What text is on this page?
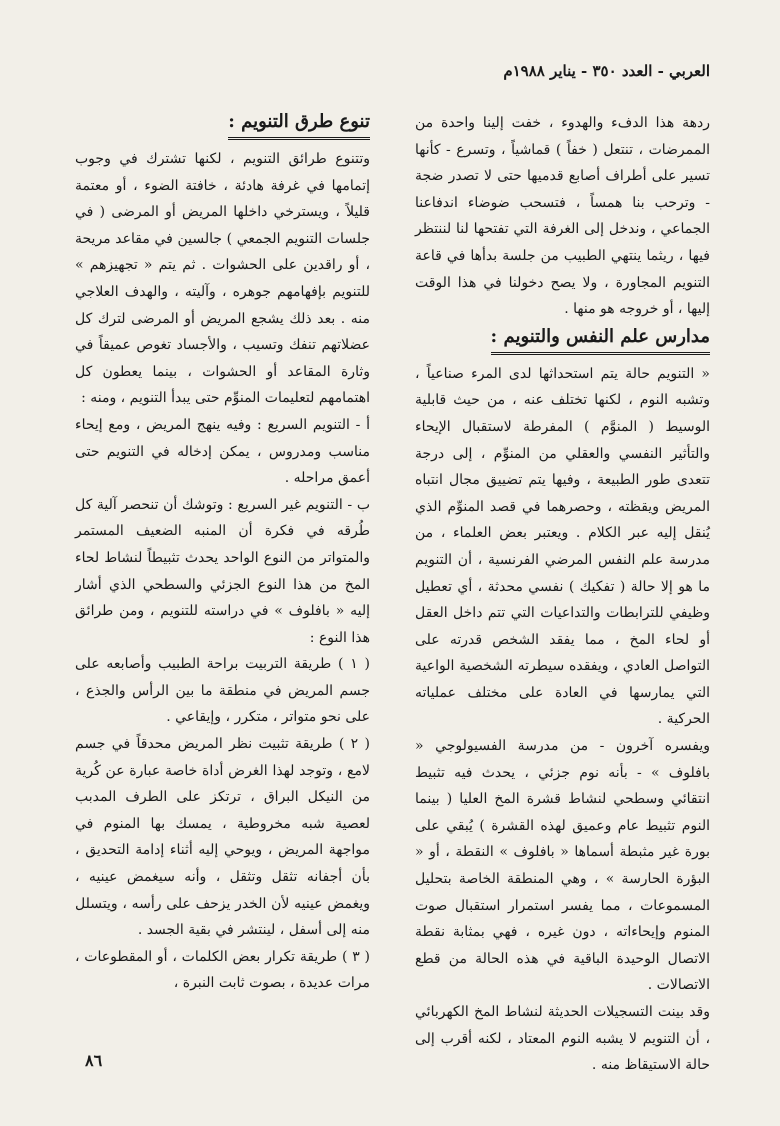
العربي - العدد ٣٥٠ - يناير ١٩٨٨م

ردهة هذا الدفء والهدوء ، خفت إلينا واحدة من الممرضات ، تنتعل ( خفاً ) قماشياً ، وتسرع - كأنها تسير على أطراف أصابع قدميها حتى لا تصدر ضجة - وترحب بنا همساً ، فتسحب ضوضاء اندفاعنا الجماعي ، وندخل إلى الغرفة التي تفتحها لنا لننتظر فيها ، ريثما ينتهي الطبيب من جلسة بدأها في قاعة التنويم المجاورة ، ولا يصح دخولنا في هذا الوقت إليها ، أو خروجه هو منها .

مدارس علم النفس والتنويم :

« التنويم حالة يتم استحداثها لدى المرء صناعياً ، وتشبه النوم ، لكنها تختلف عنه ، من حيث قابلية الوسيط ( المنوَّم ) المفرطة لاستقبال الإيحاء والتأثير النفسي والعقلي من المنوِّم ، إلى درجة تتعدى طور الطبيعة ، وفيها يتم تضييق مجال انتباه المريض ويقظته ، وحصرهما في قصد المنوِّم الذي يُنقل إليه عبر الكلام . ويعتبر بعض العلماء ، من مدرسة علم النفس المرضي الفرنسية ، أن التنويم ما هو إلا حالة ( تفكيك ) نفسي محدثة ، أي تعطيل وظيفي للترابطات والتداعيات التي تتم داخل العقل أو لحاء المخ ، مما يفقد الشخص قدرته على التواصل العادي ، ويفقده سيطرته الشخصية الواعية التي يمارسها في العادة على مختلف عملياته الحركية .

ويفسره آخرون - من مدرسة الفسيولوجي « بافلوف » - بأنه نوم جزئي ، يحدث فيه تثبيط انتقائي وسطحي لنشاط قشرة المخ العليا ( بينما النوم تثبيط عام وعميق لهذه القشرة ) يُبقي على بورة غير مثبطة أسماها « بافلوف » النقطة ، أو « البؤرة الحارسة » ، وهي المنطقة الخاصة بتحليل المسموعات ، مما يفسر استمرار استقبال صوت المنوم وإيحاءاته ، دون غيره ، فهي بمثابة نقطة الاتصال الوحيدة الباقية في هذه الحالة من قطع الاتصالات .

وقد بينت التسجيلات الحديثة لنشاط المخ الكهربائي ، أن التنويم لا يشبه النوم المعتاد ، لكنه أقرب إلى حالة الاستيقاظ منه .

تنوع طرق التنويم :

وتتنوع طرائق التنويم ، لكنها تشترك في وجوب إتمامها في غرفة هادئة ، خافتة الضوء ، أو معتمة قليلاً ، ويسترخي داخلها المريض أو المرضى ( في جلسات التنويم الجمعي ) جالسين في مقاعد مريحة ، أو راقدين على الحشوات . ثم يتم « تجهيزهم » للتنويم بإفهامهم جوهره ، وآليته ، والهدف العلاجي منه . بعد ذلك يشجع المريض أو المرضى لترك كل عضلاتهم تنفك وتسيب ، والأجساد تغوص عميقاً في وثارة المقاعد أو الحشوات ، بينما يعطون كل اهتمامهم لتعليمات المنوِّم حتى يبدأ التنويم ، ومنه :

أ - التنويم السريع : وفيه ينهج المريض ، ومع إيحاء مناسب ومدروس ، يمكن إدخاله في التنويم حتى أعمق مراحله .

ب - التنويم غير السريع : وتوشك أن تنحصر آلية كل طُرقه في فكرة أن المنبه الضعيف المستمر والمتواتر من النوع الواحد يحدث تثبيطاً لنشاط لحاء المخ من هذا النوع الجزئي والسطحي الذي أشار إليه « بافلوف » في دراسته للتنويم ، ومن طرائق هذا النوع :

( ١ ) طريقة التربيت براحة الطبيب وأصابعه على جسم المريض في منطقة ما بين الرأس والجذع ، على نحو متواتر ، متكرر ، وإيقاعي .

( ٢ ) طريقة تثبيت نظر المريض محدقاً في جسم لامع ، وتوجد لهذا الغرض أداة خاصة عبارة عن كُرية من النيكل البراق ، ترتكز على الطرف المدبب لعصية شبه مخروطية ، يمسك بها المنوم في مواجهة المريض ، ويوحي إليه أثناء إدامة التحديق ، بأن أجفانه تثقل وتثقل ، وأنه سيغمض عينيه ، ويغمض عينيه لأن الخدر يزحف على رأسه ، ويتسلل منه إلى أسفل ، لينتشر في بقية الجسد .

( ٣ ) طريقة تكرار بعض الكلمات ، أو المقطوعات ، مرات عديدة ، بصوت ثابت النبرة ،

٨٦
